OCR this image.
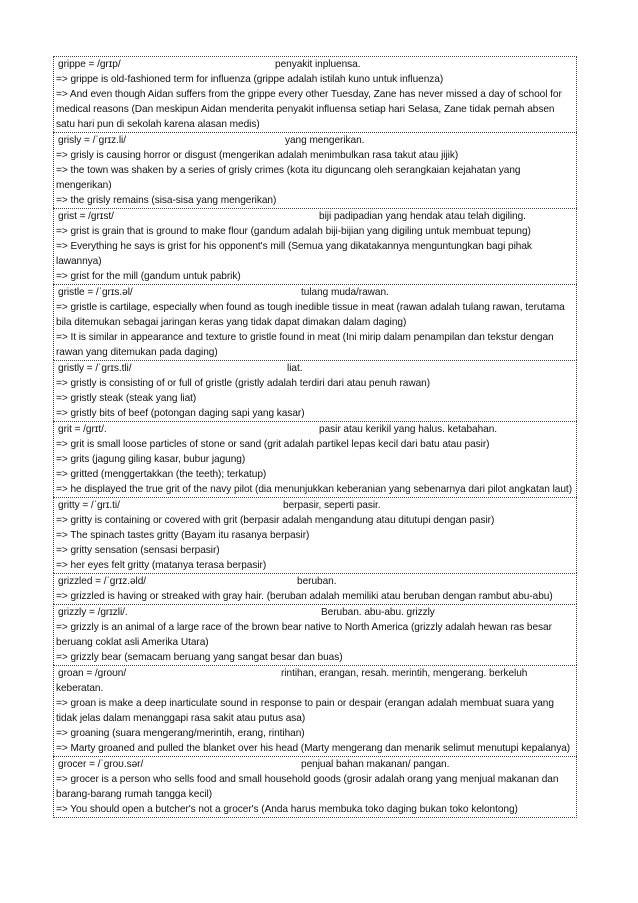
grippe = /ɡrɪp/	penyakit inpluensa.
=> grippe is old-fashioned term for influenza (grippe adalah istilah kuno untuk influenza)
=> And even though Aidan suffers from the grippe every other Tuesday, Zane has never missed a day of school for medical reasons (Dan meskipun Aidan menderita penyakit influensa setiap hari Selasa, Zane tidak pernah absen satu hari pun di sekolah karena alasan medis)
grisly = /ˈɡrɪz.li/	yang mengerikan.
=> grisly is causing horror or disgust (mengerikan adalah menimbulkan rasa takut atau jijik)
=> the town was shaken by a series of grisly crimes (kota itu diguncang oleh serangkaian kejahatan yang mengerikan)
=> the grisly remains (sisa-sisa yang mengerikan)
grist = /ɡrɪst/	biji padipadian yang hendak atau telah digiling.
=> grist is grain that is ground to make flour (gandum adalah biji-bijian yang digiling untuk membuat tepung)
=> Everything he says is grist for his opponent's mill (Semua yang dikatakannya menguntungkan bagi pihak lawannya)
=> grist for the mill (gandum untuk pabrik)
gristle = /ˈɡrɪs.əl/	tulang muda/rawan.
=> gristle is cartilage, especially when found as tough inedible tissue in meat (rawan adalah tulang rawan, terutama bila ditemukan sebagai jaringan keras yang tidak dapat dimakan dalam daging)
=> It is similar in appearance and texture to gristle found in meat (Ini mirip dalam penampilan dan tekstur dengan rawan yang ditemukan pada daging)
gristly = /ˈɡrɪs.tli/	liat.
=> gristly is consisting of or full of gristle (gristly adalah terdiri dari atau penuh rawan)
=> gristly steak (steak yang liat)
=> gristly bits of beef (potongan daging sapi yang kasar)
grit = /ɡrɪt/.	pasir atau kerikil yang halus. ketabahan.
=> grit is small loose particles of stone or sand (grit adalah partikel lepas kecil dari batu atau pasir)
=> grits (jagung giling kasar, bubur jagung)
=> gritted (menggertakkan (the teeth); terkatup)
=> he displayed the true grit of the navy pilot (dia menunjukkan keberanian yang sebenarnya dari pilot angkatan laut)
gritty = /ˈɡrɪ.ti/	berpasir, seperti pasir.
=> gritty is containing or covered with grit (berpasir adalah mengandung atau ditutupi dengan pasir)
=> The spinach tastes gritty (Bayam itu rasanya berpasir)
=> gritty sensation (sensasi berpasir)
=> her eyes felt gritty (matanya terasa berpasir)
grizzled = /ˈɡrɪz.əld/	beruban.
=> grizzled is having or streaked with gray hair. (beruban adalah memiliki atau beruban dengan rambut abu-abu)
grizzly = /ɡrɪzli/.	Beruban. abu-abu. grizzly
=> grizzly is an animal of a large race of the brown bear native to North America (grizzly adalah hewan ras besar beruang coklat asli Amerika Utara)
=> grizzly bear (semacam beruang yang sangat besar dan buas)
groan = /ɡroʊn/	rintihan, erangan, resah. merintih, mengerang. berkeluh keberatan.
=> groan is make a deep inarticulate sound in response to pain or despair (erangan adalah membuat suara yang tidak jelas dalam menanggapi rasa sakit atau putus asa)
=> groaning (suara mengerang/merintih, erang, rintihan)
=> Marty groaned and pulled the blanket over his head (Marty mengerang dan menarik selimut menutupi kepalanya)
grocer = /ˈɡroʊ.sər/	penjual bahan makanan/ pangan.
=> grocer is a person who sells food and small household goods (grosir adalah orang yang menjual makanan dan barang-barang rumah tangga kecil)
=> You should open a butcher's not a grocer's (Anda harus membuka toko daging bukan toko kelontong)
